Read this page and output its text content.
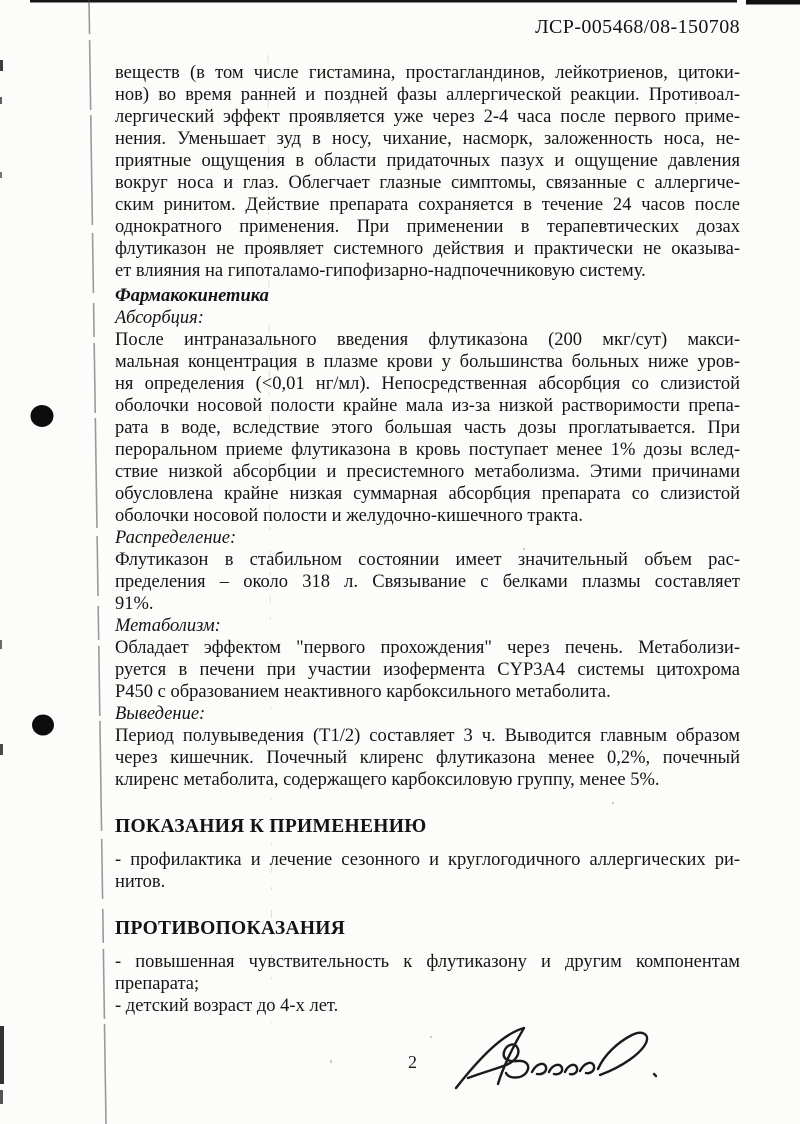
ЛСР-005468/08-150708
веществ (в том числе гистамина, простагландинов, лейкотриенов, цитоки-
нов) во время ранней и поздней фазы аллергической реакции. Противоал-
лергический эффект проявляется уже через 2-4 часа после первого приме-
нения. Уменьшает зуд в носу, чихание, насморк, заложенность носа, не-
приятные ощущения в области придаточных пазух и ощущение давления
вокруг носа и глаз. Облегчает глазные симптомы, связанные с аллергиче-
ским ринитом. Действие препарата сохраняется в течение 24 часов после
однократного применения. При применении в терапевтических дозах
флутиказон не проявляет системного действия и практически не оказыва-
ет влияния на гипоталамо-гипофизарно-надпочечниковую систему.
Фармакокинетика
Абсорбция:
После интраназального введения флутиказона (200 мкг/сут) макси-
мальная концентрация в плазме крови у большинства больных ниже уров-
ня определения (<0,01 нг/мл). Непосредственная абсорбция со слизистой
оболочки носовой полости крайне мала из-за низкой растворимости препа-
рата в воде, вследствие этого большая часть дозы проглатывается. При
пероральном приеме флутиказона в кровь поступает менее 1% дозы вслед-
ствие низкой абсорбции и пресистемного метаболизма. Этими причинами
обусловлена крайне низкая суммарная абсорбция препарата со слизистой
оболочки носовой полости и желудочно-кишечного тракта.
Распределение:
Флутиказон в стабильном состоянии имеет значительный объем рас-
пределения – около 318 л. Связывание с белками плазмы составляет
91%.
Метаболизм:
Обладает эффектом "первого прохождения" через печень. Метаболизи-
руется в печени при участии изофермента CYP3A4 системы цитохрома
Р450 с образованием неактивного карбоксильного метаболита.
Выведение:
Период полувыведения (Т1/2) составляет 3 ч. Выводится главным образом
через кишечник. Почечный клиренс флутиказона менее 0,2%, почечный
клиренс метаболита, содержащего карбоксиловую группу, менее 5%.
ПОКАЗАНИЯ К ПРИМЕНЕНИЮ
- профилактика и лечение сезонного и круглогодичного аллергических ри-
нитов.
ПРОТИВОПОКАЗАНИЯ
- повышенная чувствительность к флутиказону и другим компонентам
препарата;
- детский возраст до 4-х лет.
2
